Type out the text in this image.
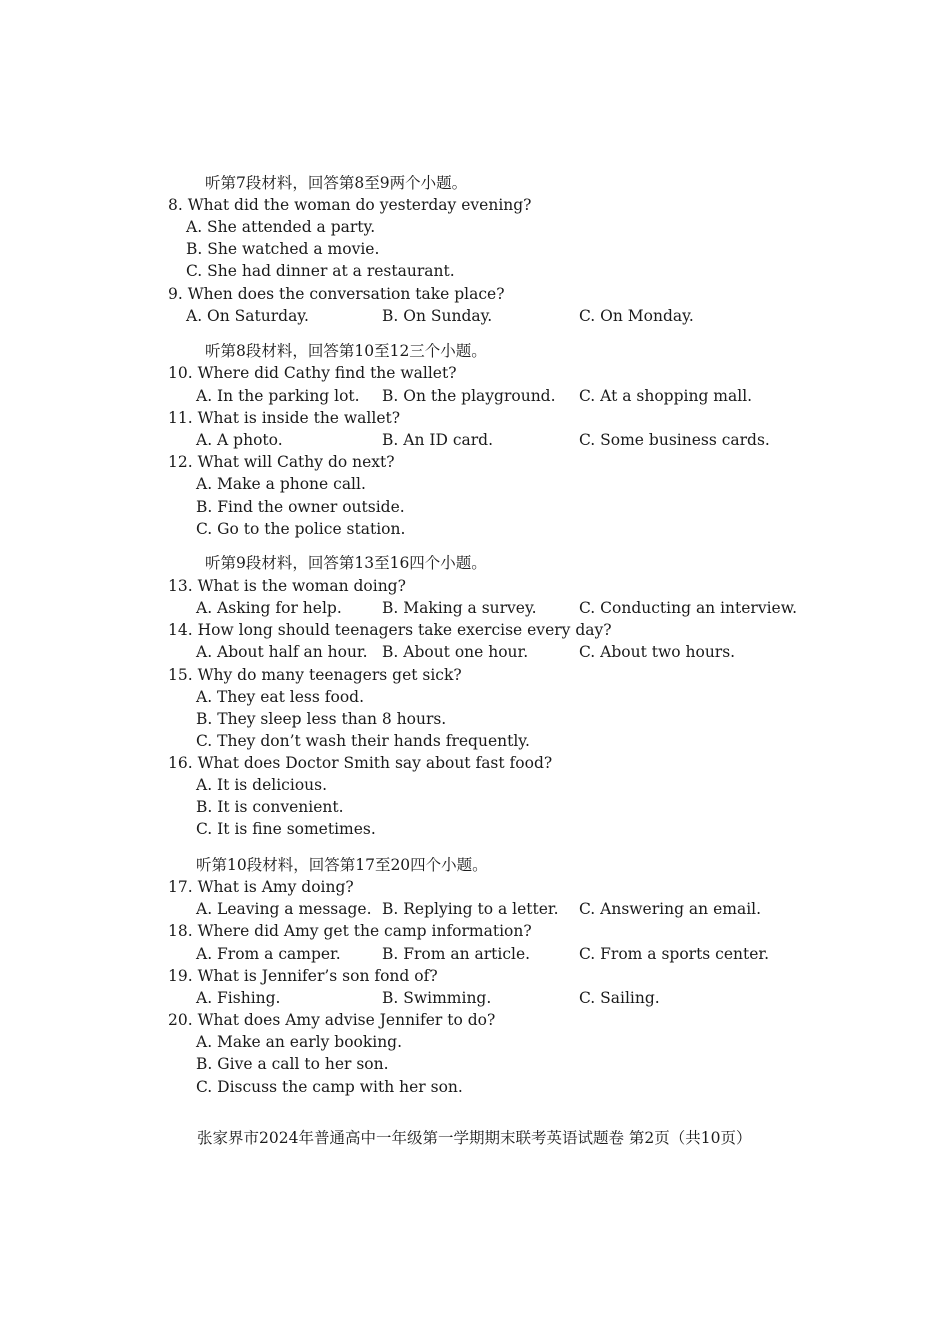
听第7段材料，回答第8至9两个小题。
8. What did the woman do yesterday evening?
A. She attended a party.
B. She watched a movie.
C. She had dinner at a restaurant.
9. When does the conversation take place?
A. On Saturday.	B. On Sunday.	C. On Monday.
听第8段材料，回答第10至12三个小题。
10. Where did Cathy find the wallet?
A. In the parking lot. B. On the playground. C. At a shopping mall.
11. What is inside the wallet?
A. A photo.	B. An ID card.	C. Some business cards.
12. What will Cathy do next?
A. Make a phone call.
B. Find the owner outside.
C. Go to the police station.
听第9段材料，回答第13至16四个小题。
13. What is the woman doing?
A. Asking for help.	B. Making a survey.	C. Conducting an interview.
14. How long should teenagers take exercise every day?
A. About half an hour. B. About one hour.	C. About two hours.
15. Why do many teenagers get sick?
A. They eat less food.
B. They sleep less than 8 hours.
C. They don’t wash their hands frequently.
16. What does Doctor Smith say about fast food?
A. It is delicious.
B. It is convenient.
C. It is fine sometimes.
听第10段材料，回答第17至20四个小题。
17. What is Amy doing?
A. Leaving a message. B. Replying to a letter. C. Answering an email.
18. Where did Amy get the camp information?
A. From a camper.	B. From an article.	C. From a sports center.
19. What is Jennifer’s son fond of?
A. Fishing.	B. Swimming.	C. Sailing.
20. What does Amy advise Jennifer to do?
A. Make an early booking.
B. Give a call to her son.
C. Discuss the camp with her son.
张家界市2024年普通高中一年级第一学期期末联考英语试题卷 第2页（共10页）
